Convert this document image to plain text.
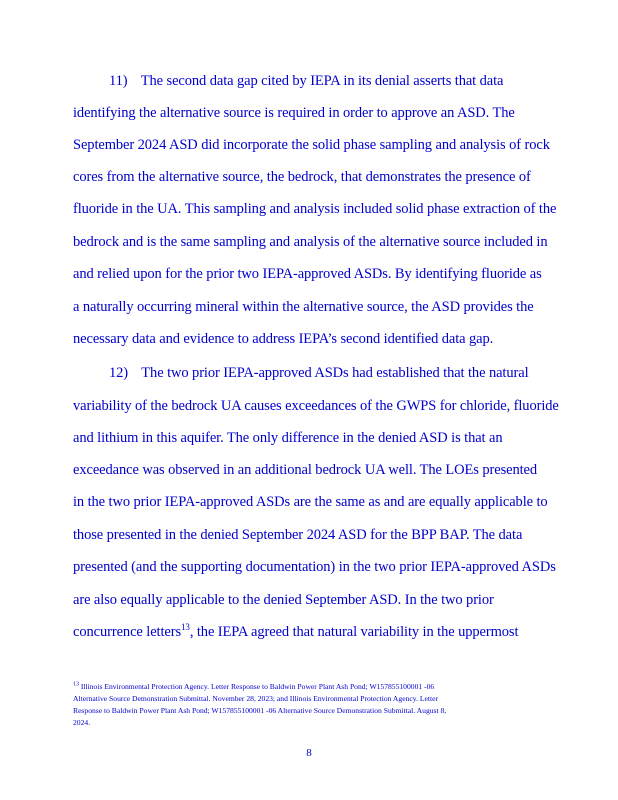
11) The second data gap cited by IEPA in its denial asserts that data
identifying the alternative source is required in order to approve an ASD. The
September 2024 ASD did incorporate the solid phase sampling and analysis of rock
cores from the alternative source, the bedrock, that demonstrates the presence of
fluoride in the UA. This sampling and analysis included solid phase extraction of the
bedrock and is the same sampling and analysis of the alternative source included in
and relied upon for the prior two IEPA-approved ASDs. By identifying fluoride as
a naturally occurring mineral within the alternative source, the ASD provides the
necessary data and evidence to address IEPA’s second identified data gap.
12) The two prior IEPA-approved ASDs had established that the natural
variability of the bedrock UA causes exceedances of the GWPS for chloride, fluoride
and lithium in this aquifer. The only difference in the denied ASD is that an
exceedance was observed in an additional bedrock UA well. The LOEs presented
in the two prior IEPA-approved ASDs are the same as and are equally applicable to
those presented in the denied September 2024 ASD for the BPP BAP. The data
presented (and the supporting documentation) in the two prior IEPA-approved ASDs
are also equally applicable to the denied September ASD. In the two prior
concurrence letters$^{13}$, the IEPA agreed that natural variability in the uppermost
$^{13}$ Illinois Environmental Protection Agency. Letter Response to Baldwin Power Plant Ash Pond; W157855100001 -06
Alternative Source Demonstration Submittal. November 28, 2023; and Illinois Environmental Protection Agency. Letter
Response to Baldwin Power Plant Ash Pond; W157855100001 -06 Alternative Source Demonstration Submittal. August 8,
2024.
8
